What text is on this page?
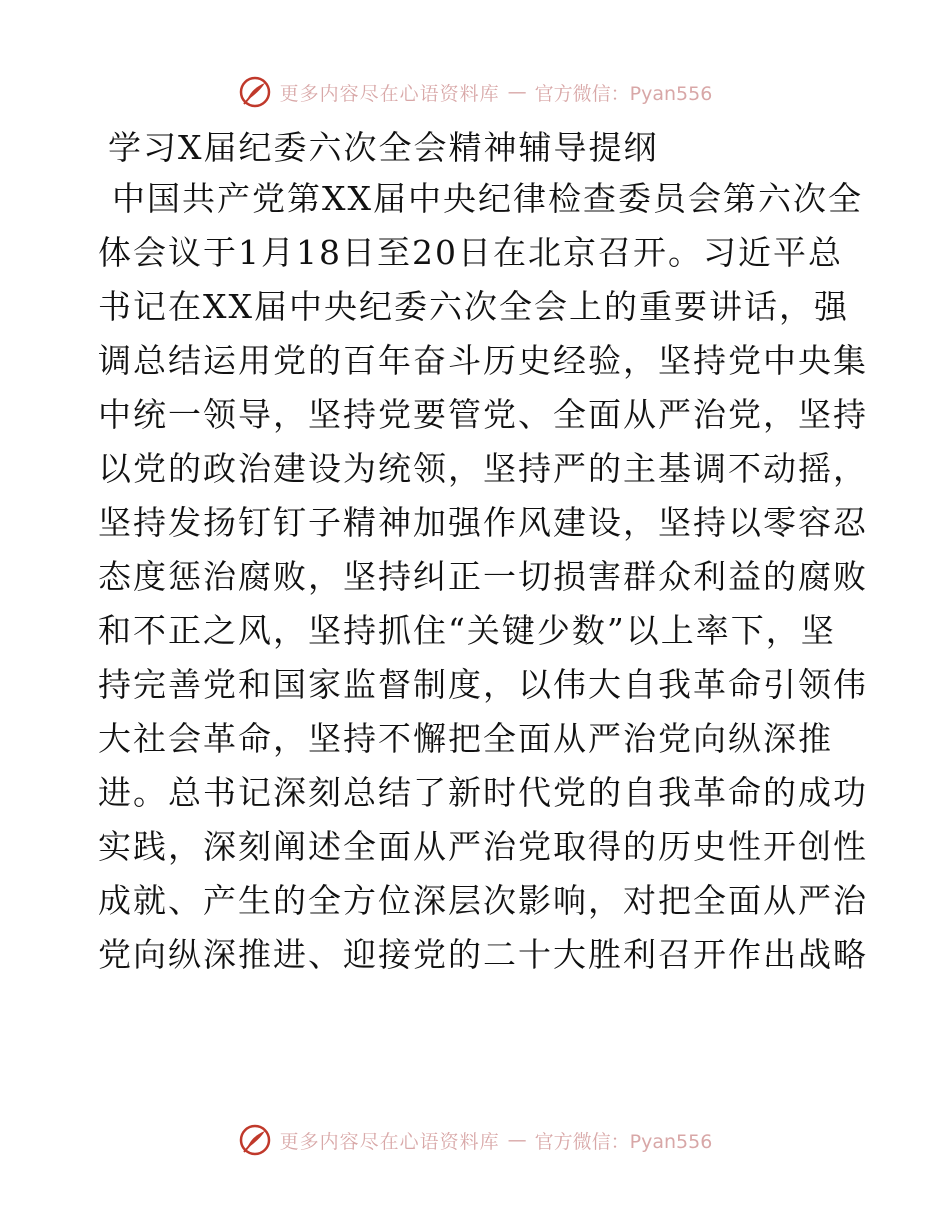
更多内容尽在心语资料库 — 官方微信：Pyan556
学习X届纪委六次全会精神辅导提纲
中国共产党第XX届中央纪律检查委员会第六次全
体会议于1月18日至20日在北京召开。习近平总
书记在XX届中央纪委六次全会上的重要讲话，强
调总结运用党的百年奋斗历史经验，坚持党中央集
中统一领导，坚持党要管党、全面从严治党，坚持
以党的政治建设为统领，坚持严的主基调不动摇，
坚持发扬钉钉子精神加强作风建设，坚持以零容忍
态度惩治腐败，坚持纠正一切损害群众利益的腐败
和不正之风，坚持抓住“关键少数”以上率下，坚
持完善党和国家监督制度，以伟大自我革命引领伟
大社会革命，坚持不懈把全面从严治党向纵深推
进。总书记深刻总结了新时代党的自我革命的成功
实践，深刻阐述全面从严治党取得的历史性开创性
成就、产生的全方位深层次影响，对把全面从严治
党向纵深推进、迎接党的二十大胜利召开作出战略
更多内容尽在心语资料库 — 官方微信：Pyan556
